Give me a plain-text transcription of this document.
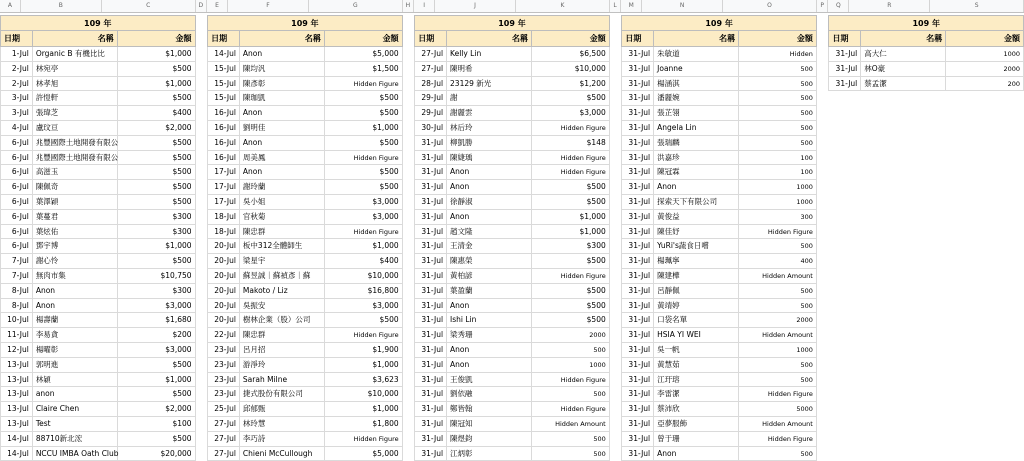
A	B	C	D	E	F	G	H	I	J	K	L	M	N	O	P	Q	R	S
109 年
日期	名稱	金額
1-Jul Organic B 有機比比	$1,000
2-Jul 林宛亭	$500
2-Jul 林孝旭	$1,000
3-Jul 許愷軒	$500
3-Jul 張瑋芝	$400
4-Jul 盧玟亘	$2,000
6-Jul 兆豐國際土地開發有限公	$500
6-Jul 兆豐國際土地開發有限公	$500
6-Jul 高滋玉	$500
6-Jul 陳佩奇	$500
6-Jul 葉澤穎	$500
6-Jul 葉蔓君	$300
6-Jul 葉炫佑	$300
6-Jul 鄧宇博	$1,000
7-Jul 謝心怜	$500
7-Jul 無肉市集	$10,750
8-Jul Anon	$300
8-Jul Anon	$3,000
10-Jul 楊壽蘭	$1,680
11-Jul 李易貪	$200
12-Jul 楊曜彰	$3,000
13-Jul 郭明進	$500
13-Jul 林穎	$1,000
13-Jul anon	$500
13-Jul Claire Chen	$2,000
13-Jul Test	$100
14-Jul 88710新北浤	$500
14-Jul NCCU IMBA Oath Club	$20,000
109 年
日期	名稱	金額
14-Jul Anon	$5,000
15-Jul 陳均汎	$1,500
15-Jul 陳彥彰	Hidden Figure
15-Jul 陳珈凱	$500
16-Jul Anon	$500
16-Jul 劉明佳	$1,000
16-Jul Anon	$500
16-Jul 周美鳳	Hidden Figure
17-Jul Anon	$500
17-Jul 謝玲蘭	$500
17-Jul 吳小姐	$3,000
18-Jul 官秋菊	$3,000
18-Jul 陳忠群	Hidden Figure
20-Jul 板中312全體師生	$1,000
20-Jul 梁星宇	$400
20-Jul 蘇昱誠｜蘇禎彥｜蘇	$10,000
20-Jul Makoto / Liz	$16,800
20-Jul 吳振安	$3,000
20-Jul 樹林企業（股）公司	$500
22-Jul 陳忠群	Hidden Figure
23-Jul 呂月招	$1,900
23-Jul 游淨玲	$1,000
23-Jul Sarah Milne	$3,623
23-Jul 捷式股份有限公司	$10,000
25-Jul 邱郁甄	$1,000
27-Jul 林玲慧	$1,800
27-Jul 李巧詩	Hidden Figure
27-Jul Chieni McCullough	$5,000
109 年
日期	名稱	金額
27-Jul Kelly Lin	$6,500
27-Jul 陳明希	$10,000
28-Jul 23129 新光	$1,200
29-Jul 謝	$500
29-Jul 謝麗雲	$3,000
30-Jul 林后玲	Hidden Figure
31-Jul 柳凱勝	$148
31-Jul 陳婕瑀	Hidden Figure
31-Jul Anon	Hidden Figure
31-Jul Anon	$500
31-Jul 徐靜淑	$500
31-Jul Anon	$1,000
31-Jul 趙文隆	$1,000
31-Jul 王清金	$300
31-Jul 陳惠榮	$500
31-Jul 黃柏諺	Hidden Figure
31-Jul 葉盈蘭	$500
31-Jul Anon	$500
31-Jul Ishi Lin	$500
31-Jul 梁秀珊	2000
31-Jul Anon	500
31-Jul Anon	1000
31-Jul 王俊凱	Hidden Figure
31-Jul 劉依融	500
31-Jul 鄭皆翰	Hidden Figure
31-Jul 陳冠知	Hidden Amount
31-Jul 陳煜鈞	500
31-Jul 江炳彰	500
109 年
日期	名稱	金額
31-Jul 朱敏道	Hidden
31-Jul Joanne	500
31-Jul 楊涵淇	500
31-Jul 潘麗婉	500
31-Jul 張芷翎	500
31-Jul Angela Lin	500
31-Jul 張瑞麟	500
31-Jul 洪嘉珍	100
31-Jul 陳冠霖	100
31-Jul Anon	1000
31-Jul 探索天下有限公司	1000
31-Jul 黃俊益	300
31-Jul 陳佳妤	Hidden Figure
31-Jul YuRi's蔬食日嚐	500
31-Jul 楊珮寧	400
31-Jul 陳建樺	Hidden Amount
31-Jul 呂靜佩	500
31-Jul 黃靖婷	500
31-Jul 口袋名單	2000
31-Jul HSIA YI WEI	Hidden Amount
31-Jul 吳一帆	1000
31-Jul 黃慧茹	500
31-Jul 江玗瑢	500
31-Jul 李雷潔	Hidden Figure
31-Jul 蔡沛欣	5000
31-Jul 亞夢服飾	Hidden Amount
31-Jul 曾于珊	Hidden Figure
31-Jul Anon	500
109 年
日期	名稱	金額
31-Jul 高大仁	1000
31-Jul 林O豪	2000
31-Jul 蔡孟潔	200
